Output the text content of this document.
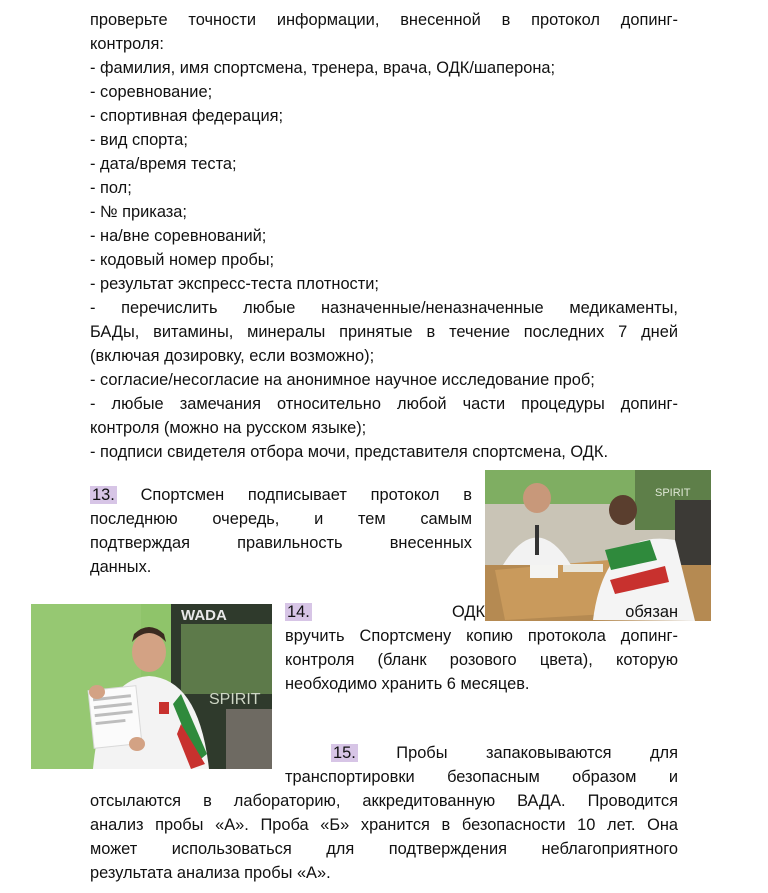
проверьте точности информации, внесенной в протокол допинг-
контроля:
- фамилия, имя спортсмена, тренера, врача, ОДК/шаперона;
- соревнование;
- спортивная федерация;
- вид спорта;
- дата/время теста;
- пол;
- № приказа;
- на/вне соревнований;
- кодовый номер пробы;
- результат экспресс-теста плотности;
- перечислить любые назначенные/неназначенные медикаменты,
БАДы, витамины, минералы принятые в течение последних 7 дней
(включая дозировку, если возможно);
- согласие/несогласие на анонимное научное исследование проб;
- любые замечания относительно любой части процедуры допинг-
контроля (можно на русском языке);
- подписи свидетеля отбора мочи, представителя спортсмена, ОДК.
13. Спортсмен подписывает протокол в
последнюю очередь, и тем самым
подтверждая правильность внесенных
данных.
SPIRIT
WADA
SPIRIT
14.	ОДК обязан
вручить Спортсмену копию протокола допинг-
контроля (бланк розового цвета), которую
необходимо хранить 6 месяцев.
15. Пробы запаковываются для
транспортировки безопасным образом и
отсылаются в лабораторию, аккредитованную ВАДА. Проводится
анализ пробы «А». Проба «Б» хранится в безопасности 10 лет. Она
может использоваться для подтверждения неблагоприятного
результата анализа пробы «А».
